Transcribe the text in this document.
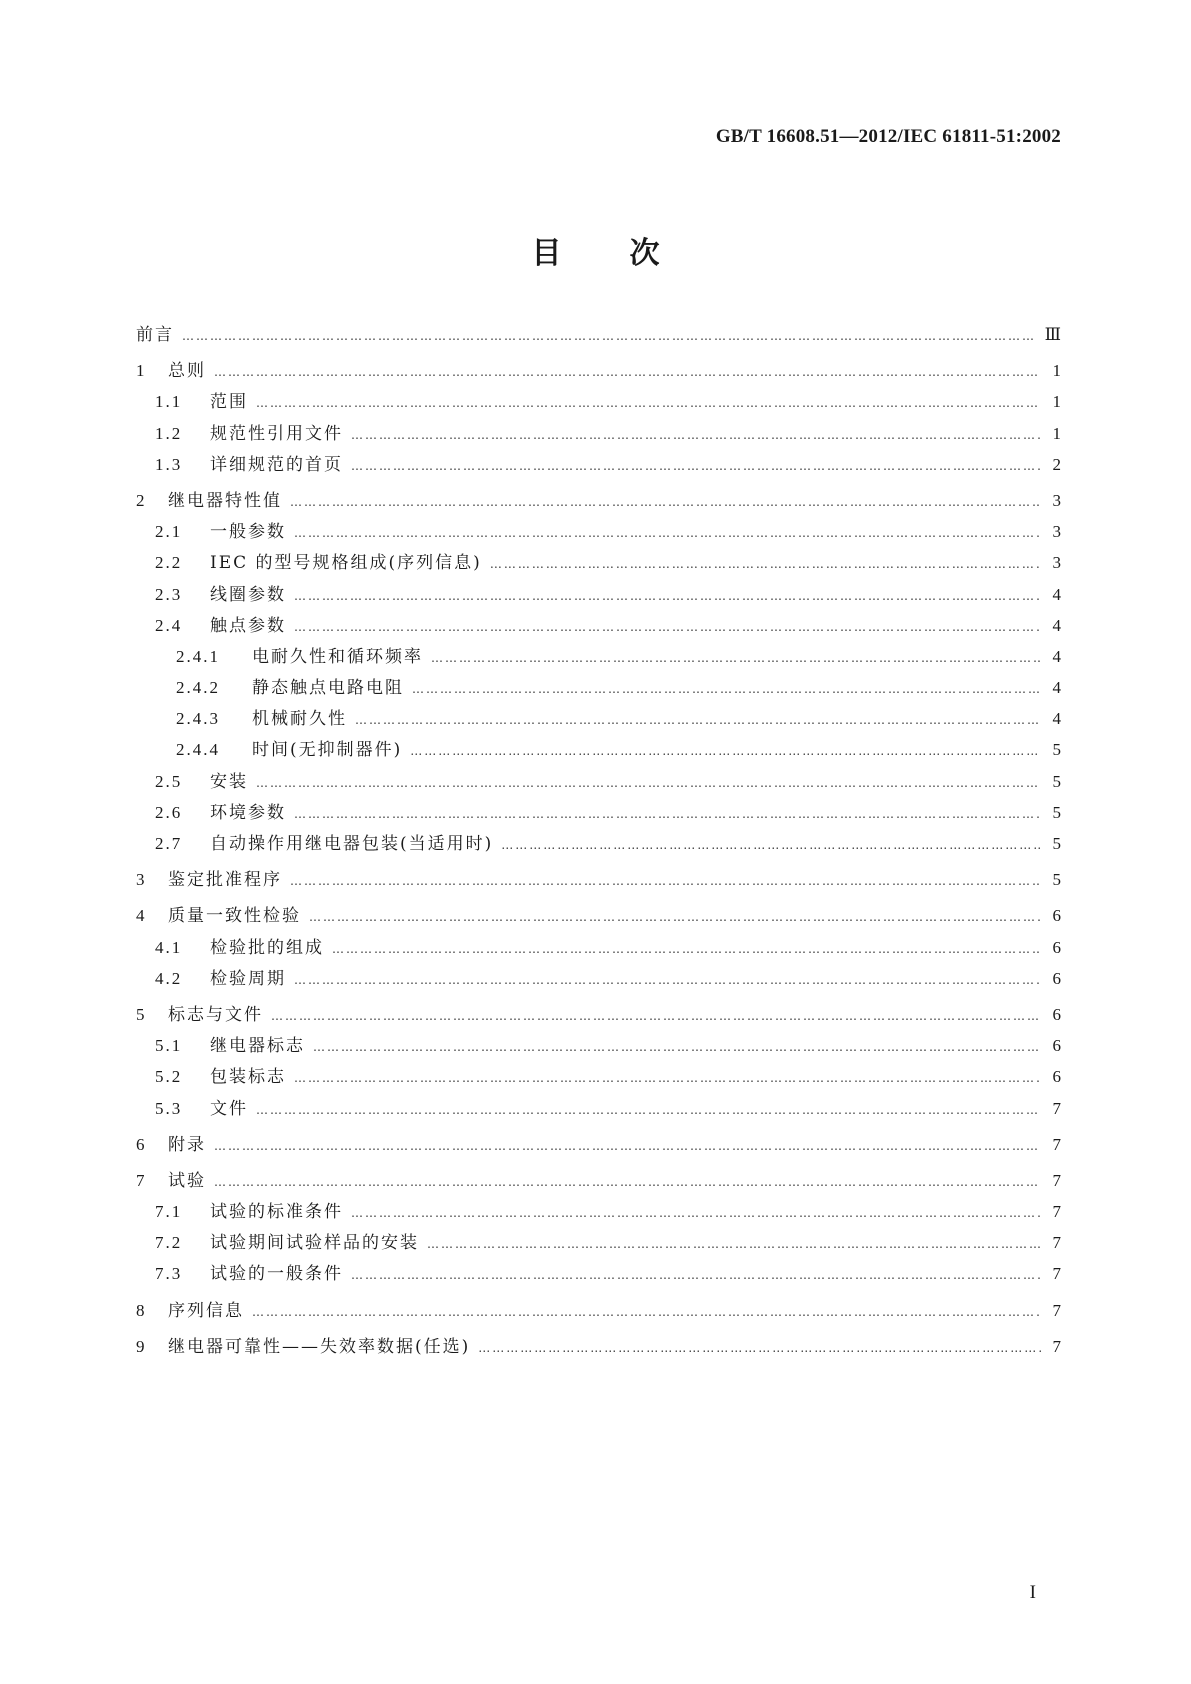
GB/T 16608.51—2012/IEC 61811-51:2002
目次
前言 ………………………………………………………………………………………………………………………………………………………………………………………………………………………………………………	Ⅲ
1	总则 ………………………………………………………………………………………………………………………………………………………………………………………………………………………………………………	1
1.1	范围 ………………………………………………………………………………………………………………………………………………………………………………………………………………………………………………	1
1.2	规范性引用文件 ………………………………………………………………………………………………………………………………………………………………………………………………………………………………………………	1
1.3	详细规范的首页 ………………………………………………………………………………………………………………………………………………………………………………………………………………………………………………	2
2	继电器特性值 ………………………………………………………………………………………………………………………………………………………………………………………………………………………………………………	3
2.1	一般参数 ………………………………………………………………………………………………………………………………………………………………………………………………………………………………………………	3
2.2	IEC 的型号规格组成(序列信息) ………………………………………………………………………………………………………………………………………………………………………………………………………………………………………………	3
2.3	线圈参数 ………………………………………………………………………………………………………………………………………………………………………………………………………………………………………………	4
2.4	触点参数 ………………………………………………………………………………………………………………………………………………………………………………………………………………………………………………	4
2.4.1	电耐久性和循环频率 ………………………………………………………………………………………………………………………………………………………………………………………………………………………………………………	4
2.4.2	静态触点电路电阻 ………………………………………………………………………………………………………………………………………………………………………………………………………………………………………………	4
2.4.3	机械耐久性 ………………………………………………………………………………………………………………………………………………………………………………………………………………………………………………	4
2.4.4	时间(无抑制器件) ………………………………………………………………………………………………………………………………………………………………………………………………………………………………………………	5
2.5	安装 ………………………………………………………………………………………………………………………………………………………………………………………………………………………………………………	5
2.6	环境参数 ………………………………………………………………………………………………………………………………………………………………………………………………………………………………………………	5
2.7	自动操作用继电器包装(当适用时) ………………………………………………………………………………………………………………………………………………………………………………………………………………………………………………	5
3	鉴定批准程序 ………………………………………………………………………………………………………………………………………………………………………………………………………………………………………………	5
4	质量一致性检验 ………………………………………………………………………………………………………………………………………………………………………………………………………………………………………………	6
4.1	检验批的组成 ………………………………………………………………………………………………………………………………………………………………………………………………………………………………………………	6
4.2	检验周期 ………………………………………………………………………………………………………………………………………………………………………………………………………………………………………………	6
5	标志与文件 ………………………………………………………………………………………………………………………………………………………………………………………………………………………………………………	6
5.1	继电器标志 ………………………………………………………………………………………………………………………………………………………………………………………………………………………………………………	6
5.2	包装标志 ………………………………………………………………………………………………………………………………………………………………………………………………………………………………………………	6
5.3	文件 ………………………………………………………………………………………………………………………………………………………………………………………………………………………………………………	7
6	附录 ………………………………………………………………………………………………………………………………………………………………………………………………………………………………………………	7
7	试验 ………………………………………………………………………………………………………………………………………………………………………………………………………………………………………………	7
7.1	试验的标准条件 ………………………………………………………………………………………………………………………………………………………………………………………………………………………………………………	7
7.2	试验期间试验样品的安装 ………………………………………………………………………………………………………………………………………………………………………………………………………………………………………………	7
7.3	试验的一般条件 ………………………………………………………………………………………………………………………………………………………………………………………………………………………………………………	7
8	序列信息 ………………………………………………………………………………………………………………………………………………………………………………………………………………………………………………	7
9	继电器可靠性——失效率数据(任选) ………………………………………………………………………………………………………………………………………………………………………………………………………………………………………………	7
I
